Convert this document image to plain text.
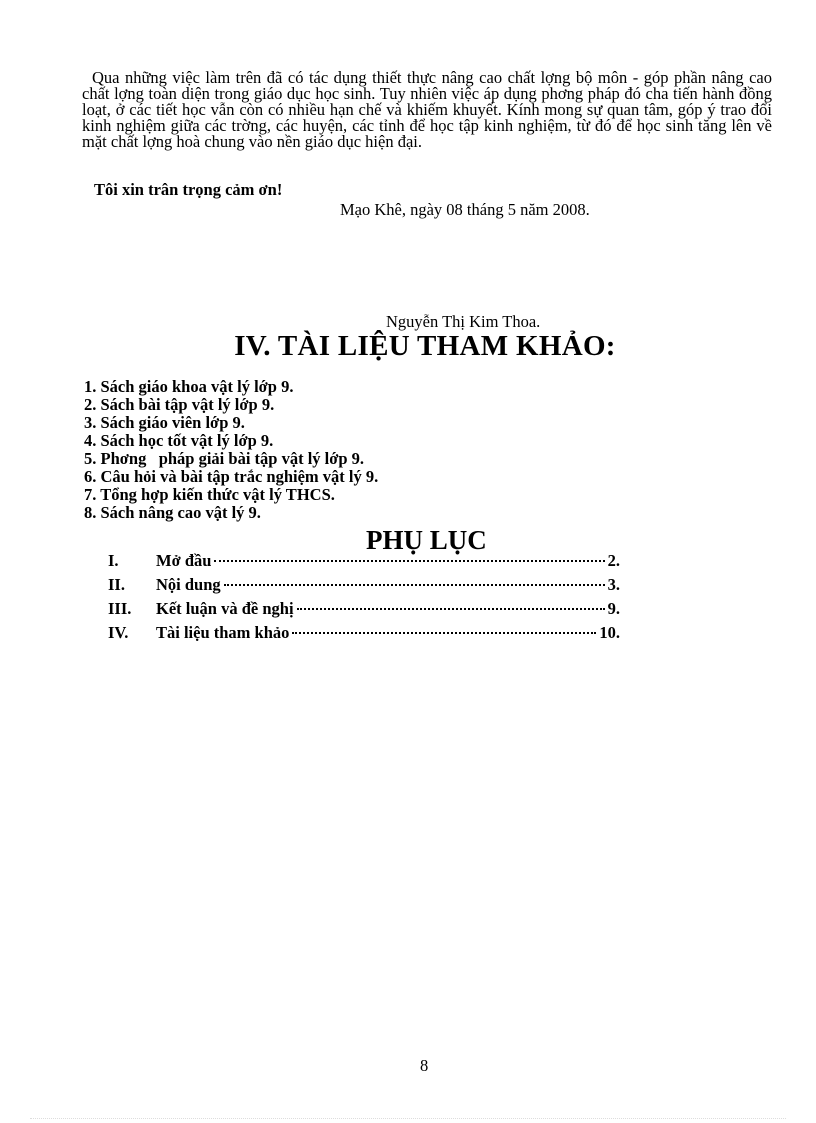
Qua những việc làm trên đã có tác dụng thiết thực nâng cao chất lợng bộ môn - góp phần nâng cao chất lợng toàn diện trong giáo dục học sinh. Tuy nhiên việc áp dụng phơng pháp đó cha tiến hành đồng loạt, ở các tiết học vẫn còn có nhiều hạn chế và khiếm khuyết. Kính mong sự quan tâm, góp ý trao đổi kinh nghiệm giữa các trờng, các huyện, các tỉnh để học tập kinh nghiệm, từ đó để học sinh tăng lên về mặt chất lợng hoà chung vào nền giáo dục hiện đại.
Tôi xin trân trọng cảm ơn!
Mạo Khê, ngày 08 tháng 5 năm 2008.
Nguyễn Thị Kim Thoa.
IV. TÀI LIỆU THAM KHẢO:
1. Sách giáo khoa vật lý lớp 9.
2. Sách bài tập vật lý lớp 9.
3. Sách giáo viên lớp 9.
4. Sách học tốt vật lý lớp 9.
5. Phơng   pháp giải bài tập vật lý lớp 9.
6. Câu hỏi và bài tập trắc nghiệm vật lý 9.
7. Tổng hợp kiến thức vật lý THCS.
8. Sách nâng cao vật lý 9.
PHỤ LỤC
I.	Mở đầu	2.
II.	Nội dung	3.
III.	Kết luận và đề nghị	9.
IV.	Tài liệu tham khảo	10.
8
